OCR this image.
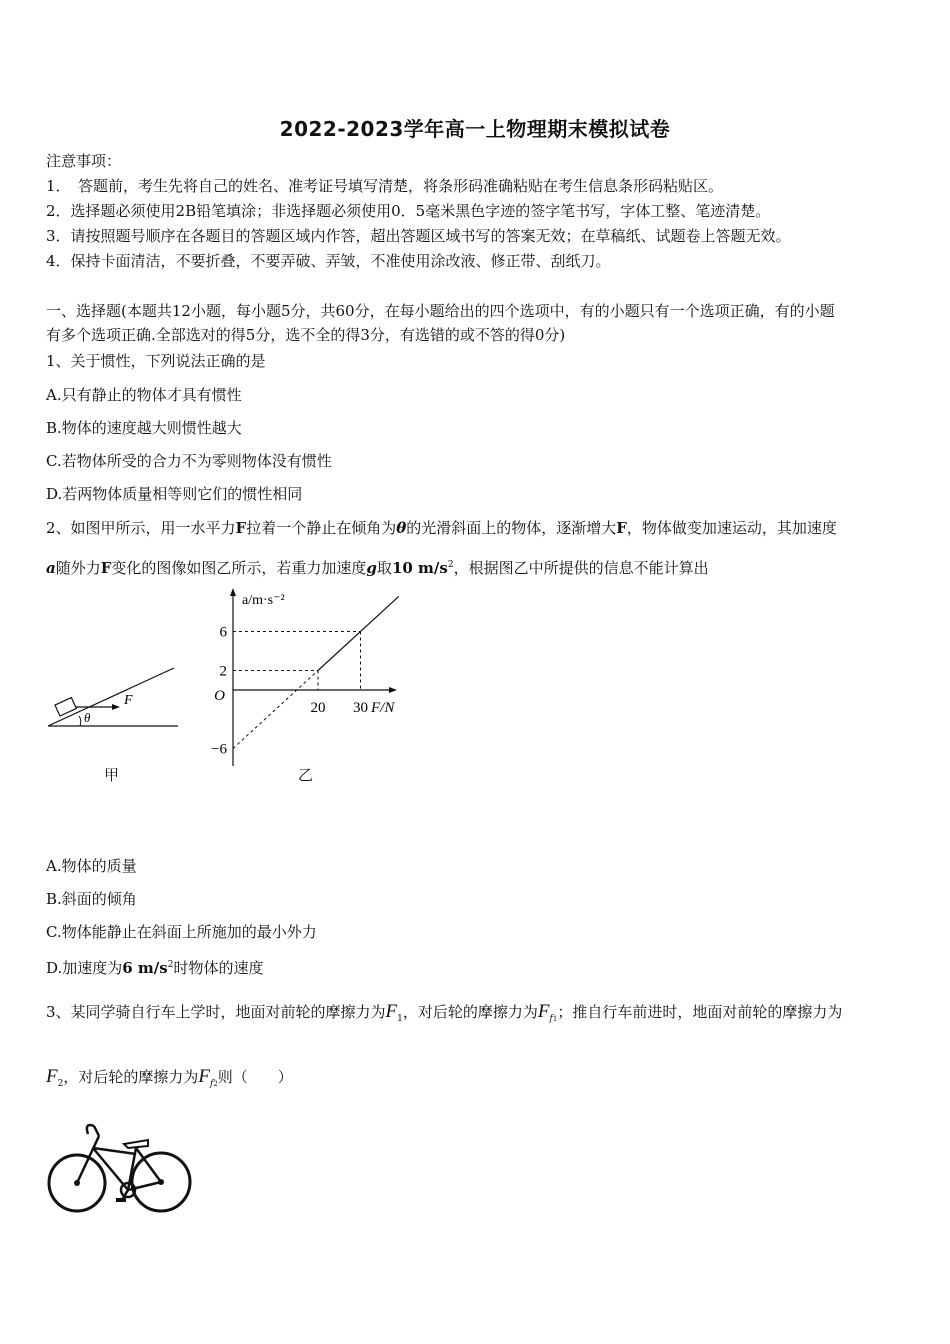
2022-2023学年高一上物理期末模拟试卷
注意事项：
1．　答题前，考生先将自己的姓名、准考证号填写清楚，将条形码准确粘贴在考生信息条形码粘贴区。
2．选择题必须使用2B铅笔填涂；非选择题必须使用0．5毫米黑色字迹的签字笔书写，字体工整、笔迹清楚。
3．请按照题号顺序在各题目的答题区域内作答，超出答题区域书写的答案无效；在草稿纸、试题卷上答题无效。
4．保持卡面清洁，不要折叠，不要弄破、弄皱，不准使用涂改液、修正带、刮纸刀。
一、选择题(本题共12小题，每小题5分，共60分，在每小题给出的四个选项中，有的小题只有一个选项正确，有的小题
有多个选项正确.全部选对的得5分，选不全的得3分，有选错的或不答的得0分)
1、关于惯性，下列说法正确的是
A.只有静止的物体才具有惯性
B.物体的速度越大则惯性越大
C.若物体所受的合力不为零则物体没有惯性
D.若两物体质量相等则它们的惯性相同
2、如图甲所示，用一水平力F拉着一个静止在倾角为θ的光滑斜面上的物体，逐渐增大F，物体做变加速运动，其加速度
a随外力F变化的图像如图乙所示，若重力加速度g取10 $m/s^2$，根据图乙中所提供的信息不能计算出
F
θ
6
2
−6
20 30
O
a/m·s⁻²
F/N
甲	乙
A.物体的质量
B.斜面的倾角
C.物体能静止在斜面上所施加的最小外力
D.加速度为6 $m/s^2$时物体的速度
3、某同学骑自行车上学时，地面对前轮的摩擦力为$F_1$，对后轮的摩擦力为$F_{f1}$；推自行车前进时，地面对前轮的摩擦力为
$F_2$，对后轮的摩擦力为$F_{f2}$则（　　）
